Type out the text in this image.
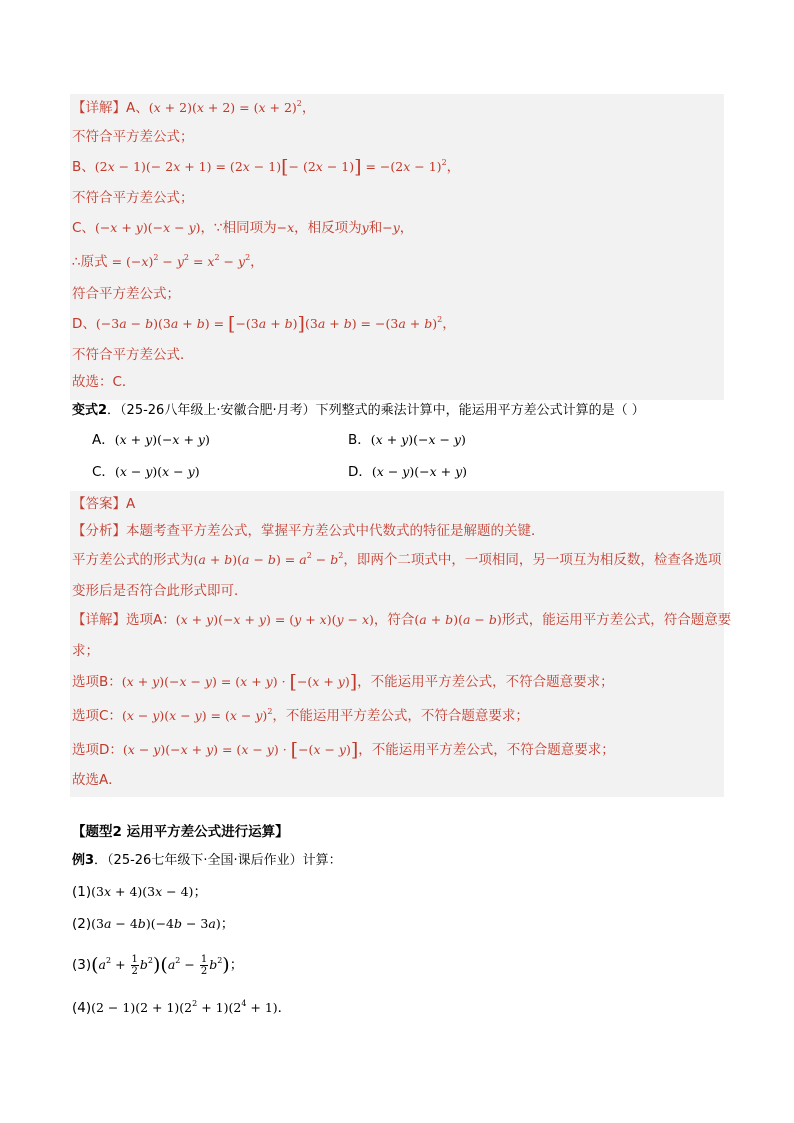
【详解】A、$(x + 2)(x + 2) = (x + 2)^2$，
不符合平方差公式；
B、$(2x - 1)(- 2x + 1) = (2x - 1)[- (2x - 1)] = -(2x - 1)^2$，
不符合平方差公式；
C、(−x + y)(−x − y)，∵相同项为−x，相反项为y和−y，
∴原式 = $(-x)^2 - y^2 = x^2 - y^2$，
符合平方差公式；
D、$(-3a - b)(3a + b) = [-(3a + b)](3a + b) = -(3a + b)^2$，
不符合平方差公式．
故选：C．
变式2．（25-26八年级上·安徽合肥·月考）下列整式的乘法计算中，能运用平方差公式计算的是（ ）
A．(x + y)(−x + y)	B．(x + y)(−x − y)
C．(x − y)(x − y)	D．(x − y)(−x + y)
【答案】A
【分析】本题考查平方差公式，掌握平方差公式中代数式的特征是解题的关键．
平方差公式的形式为$(a + b)(a - b) = a^2 - b^2$，即两个二项式中，一项相同，另一项互为相反数，检查各选项
变形后是否符合此形式即可．
【详解】选项A：(x + y)(−x + y) = (y + x)(y − x)，符合(a + b)(a − b)形式，能运用平方差公式，符合题意要
求；
选项B：(x + y)(−x − y) = (x + y) · [−(x + y)]，不能运用平方差公式，不符合题意要求；
选项C：$(x - y)(x - y) = (x - y)^2$，不能运用平方差公式，不符合题意要求；
选项D：(x − y)(−x + y) = (x − y) · [−(x − y)]，不能运用平方差公式，不符合题意要求；
故选A．
【题型2 运用平方差公式进行运算】
例3．（25-26七年级下·全国·课后作业）计算：
(1)(3x + 4)(3x − 4)；
(2)(3a − 4b)(−4b − 3a)；
$(3)(a^2 + \frac{1}{2} b^2)(a^2 - \frac{1}{2} b^2)$；
$(4)(2 - 1)(2 + 1)(2^2 + 1)(2^4 + 1)$．
